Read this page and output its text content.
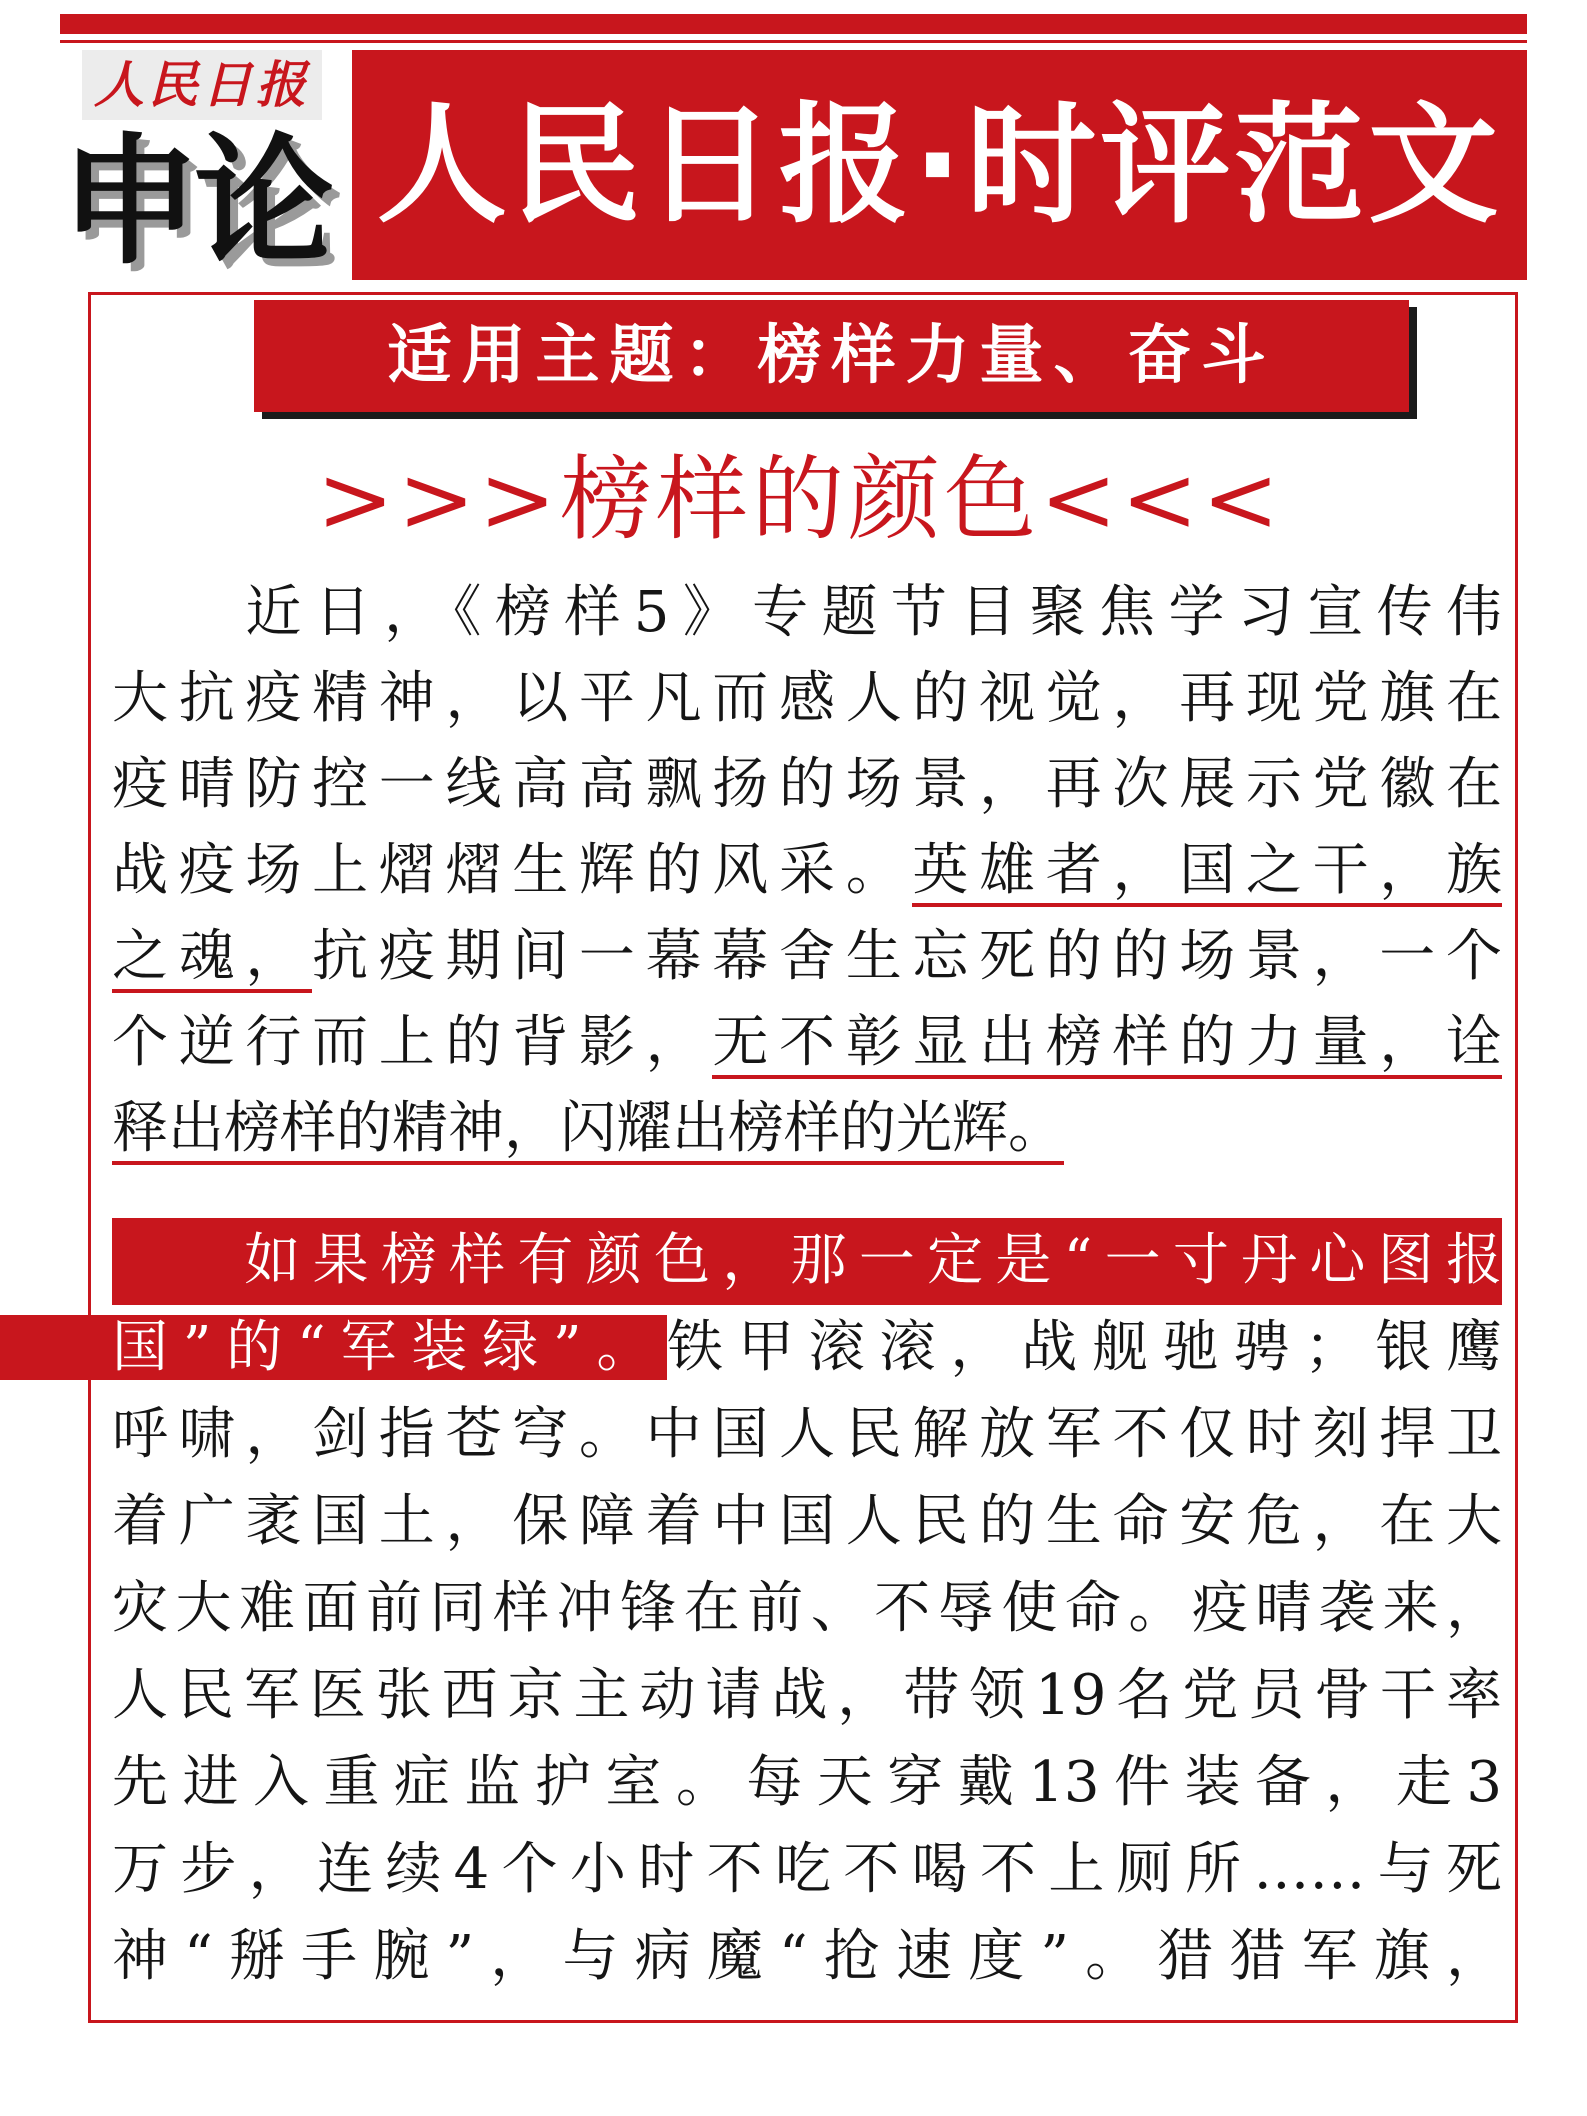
人民日报
申论 人民日报·时评范文
适用主题：榜样力量、奋斗
>>>榜样的颜色<<<
近日，《榜样5》专题节目聚焦学习宣传伟
大抗疫精神，以平凡而感人的视觉，再现党旗在
疫晴防控一线高高飘扬的场景，再次展示党徽在
战疫场上熠熠生辉的风采。英雄者，国之干，族
之魂，抗疫期间一幕幕舍生忘死的的场景，一个
个逆行而上的背影，无不彰显出榜样的力量，诠
释出榜样的精神，闪耀出榜样的光辉。
如果榜样有颜色，那一定是“一寸丹心图报
国”的“军装绿”。铁甲滚滚，战舰驰骋；银鹰
呼啸，剑指苍穹。中国人民解放军不仅时刻捍卫
着广袤国土，保障着中国人民的生命安危，在大
灾大难面前同样冲锋在前、不辱使命。疫晴袭来，
人民军医张西京主动请战，带领19名党员骨干率
先进入重症监护室。每天穿戴13件装备，走3
万步，连续4个小时不吃不喝不上厕所……与死
神“掰手腕”，与病魔“抢速度”。猎猎军旗，
